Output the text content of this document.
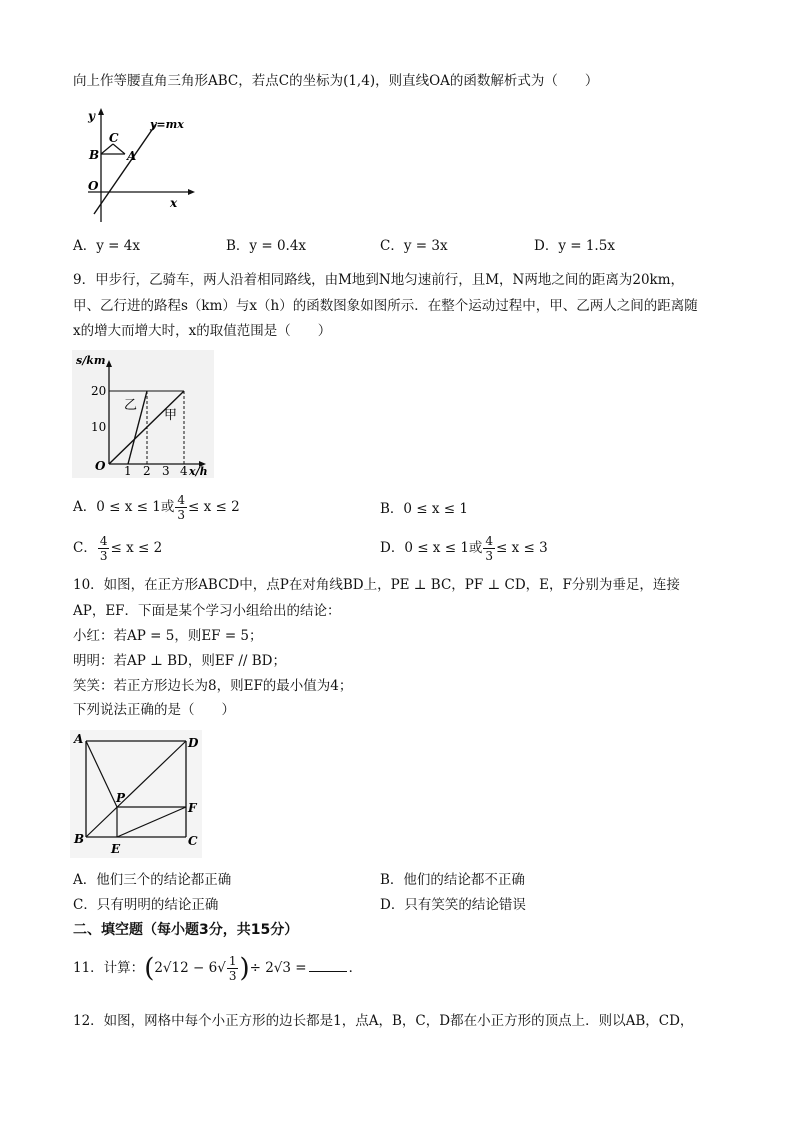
向上作等腰直角三角形ABC，若点C的坐标为(1,4)，则直线OA的函数解析式为（　　）
y
x
O
C
B A
y=mx
A．y = 4x	B．y = 0.4x	C．y = 3x	D．y = 1.5x
9．甲步行，乙骑车，两人沿着相同路线，由M地到N地匀速前行，且M，N两地之间的距离为20km，
甲、乙行进的路程s（km）与x（h）的函数图象如图所示．在整个运动过程中，甲、乙两人之间的距离随
x的增大而增大时，x的取值范围是（　　）
s/km
20
10
O 1 2 3 4 x/h
乙
甲
A．0 ≤ x ≤ 1或 $\frac{4}{3} \le x \le 2$	B．0 ≤ x ≤ 1
C． $\frac{4}{3} \le x \le 2$	D．0 ≤ x ≤ 1或 $\frac{4}{3} \le x \le 3$
10．如图，在正方形ABCD中，点P在对角线BD上，PE ⊥ BC，PF ⊥ CD，E，F分别为垂足，连接
AP，EF．下面是某个学习小组给出的结论：
小红：若AP = 5，则EF = 5；
明明：若AP ⊥ BD，则EF // BD；
笑笑：若正方形边长为8，则EF的最小值为4；
下列说法正确的是（　　）
A	D
B	C
P
E
F
A．他们三个的结论都正确	B．他们的结论都不正确
C．只有明明的结论正确	D．只有笑笑的结论错误
二、填空题（每小题3分，共15分）
11．计算：($2√12 - 6√ \frac{1}{3}$ )÷ 2√3 =	．
12．如图，网格中每个小正方形的边长都是1，点A，B，C，D都在小正方形的顶点上．则以AB，CD，
